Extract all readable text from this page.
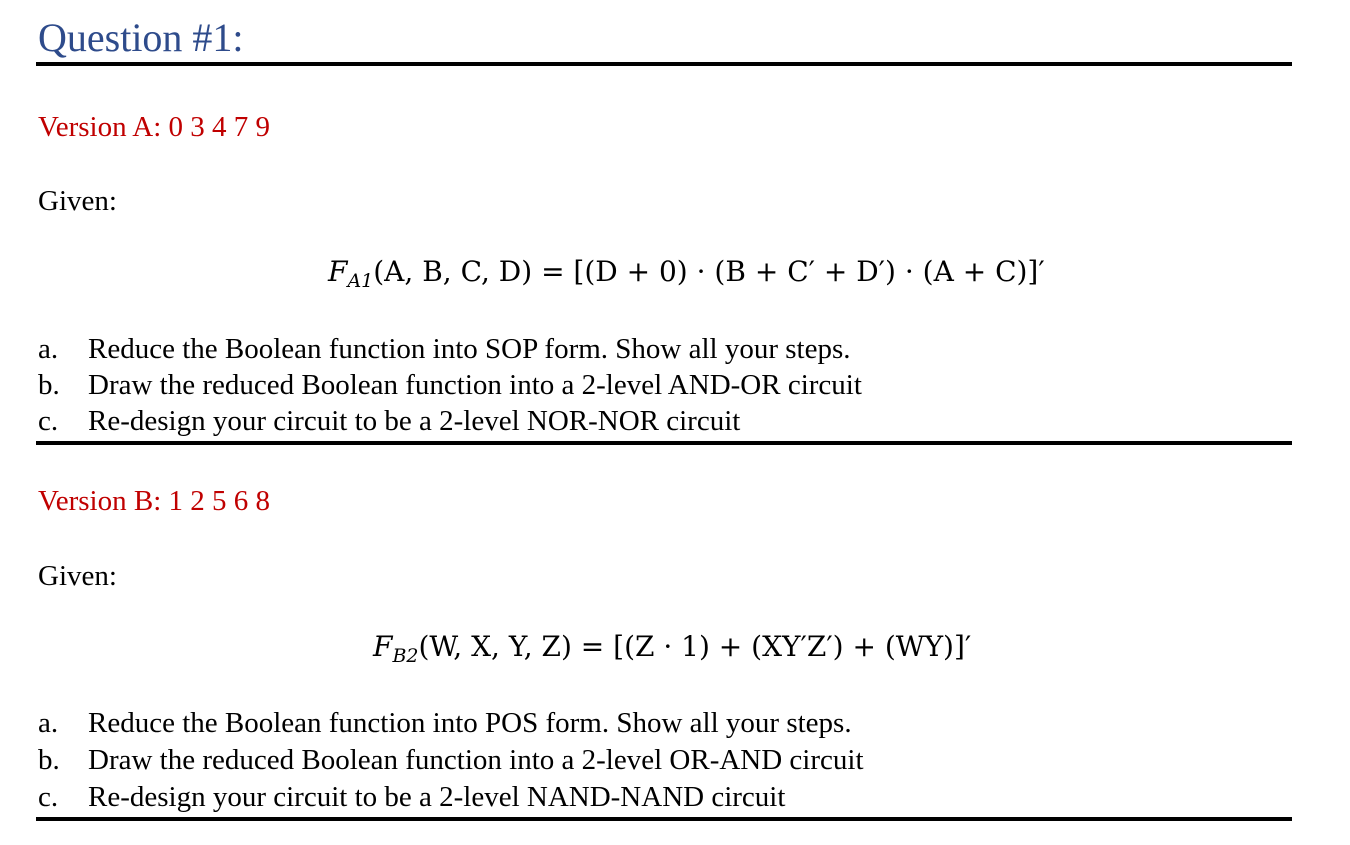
Question #1:
Version A: 0 3 4 7 9
Given:
$F_{A1}(A$, B, C, D) = [(D + 0) · (B + C′ + D′) · (A + C)]′
a. Reduce the Boolean function into SOP form. Show all your steps.
b. Draw the reduced Boolean function into a 2-level AND-OR circuit
c. Re-design your circuit to be a 2-level NOR-NOR circuit
Version B: 1 2 5 6 8
Given:
$F_{B2}(W$, X, Y, Z) = [(Z · 1) + (XY′Z′) + (WY)]′
a. Reduce the Boolean function into POS form. Show all your steps.
b. Draw the reduced Boolean function into a 2-level OR-AND circuit
c. Re-design your circuit to be a 2-level NAND-NAND circuit
